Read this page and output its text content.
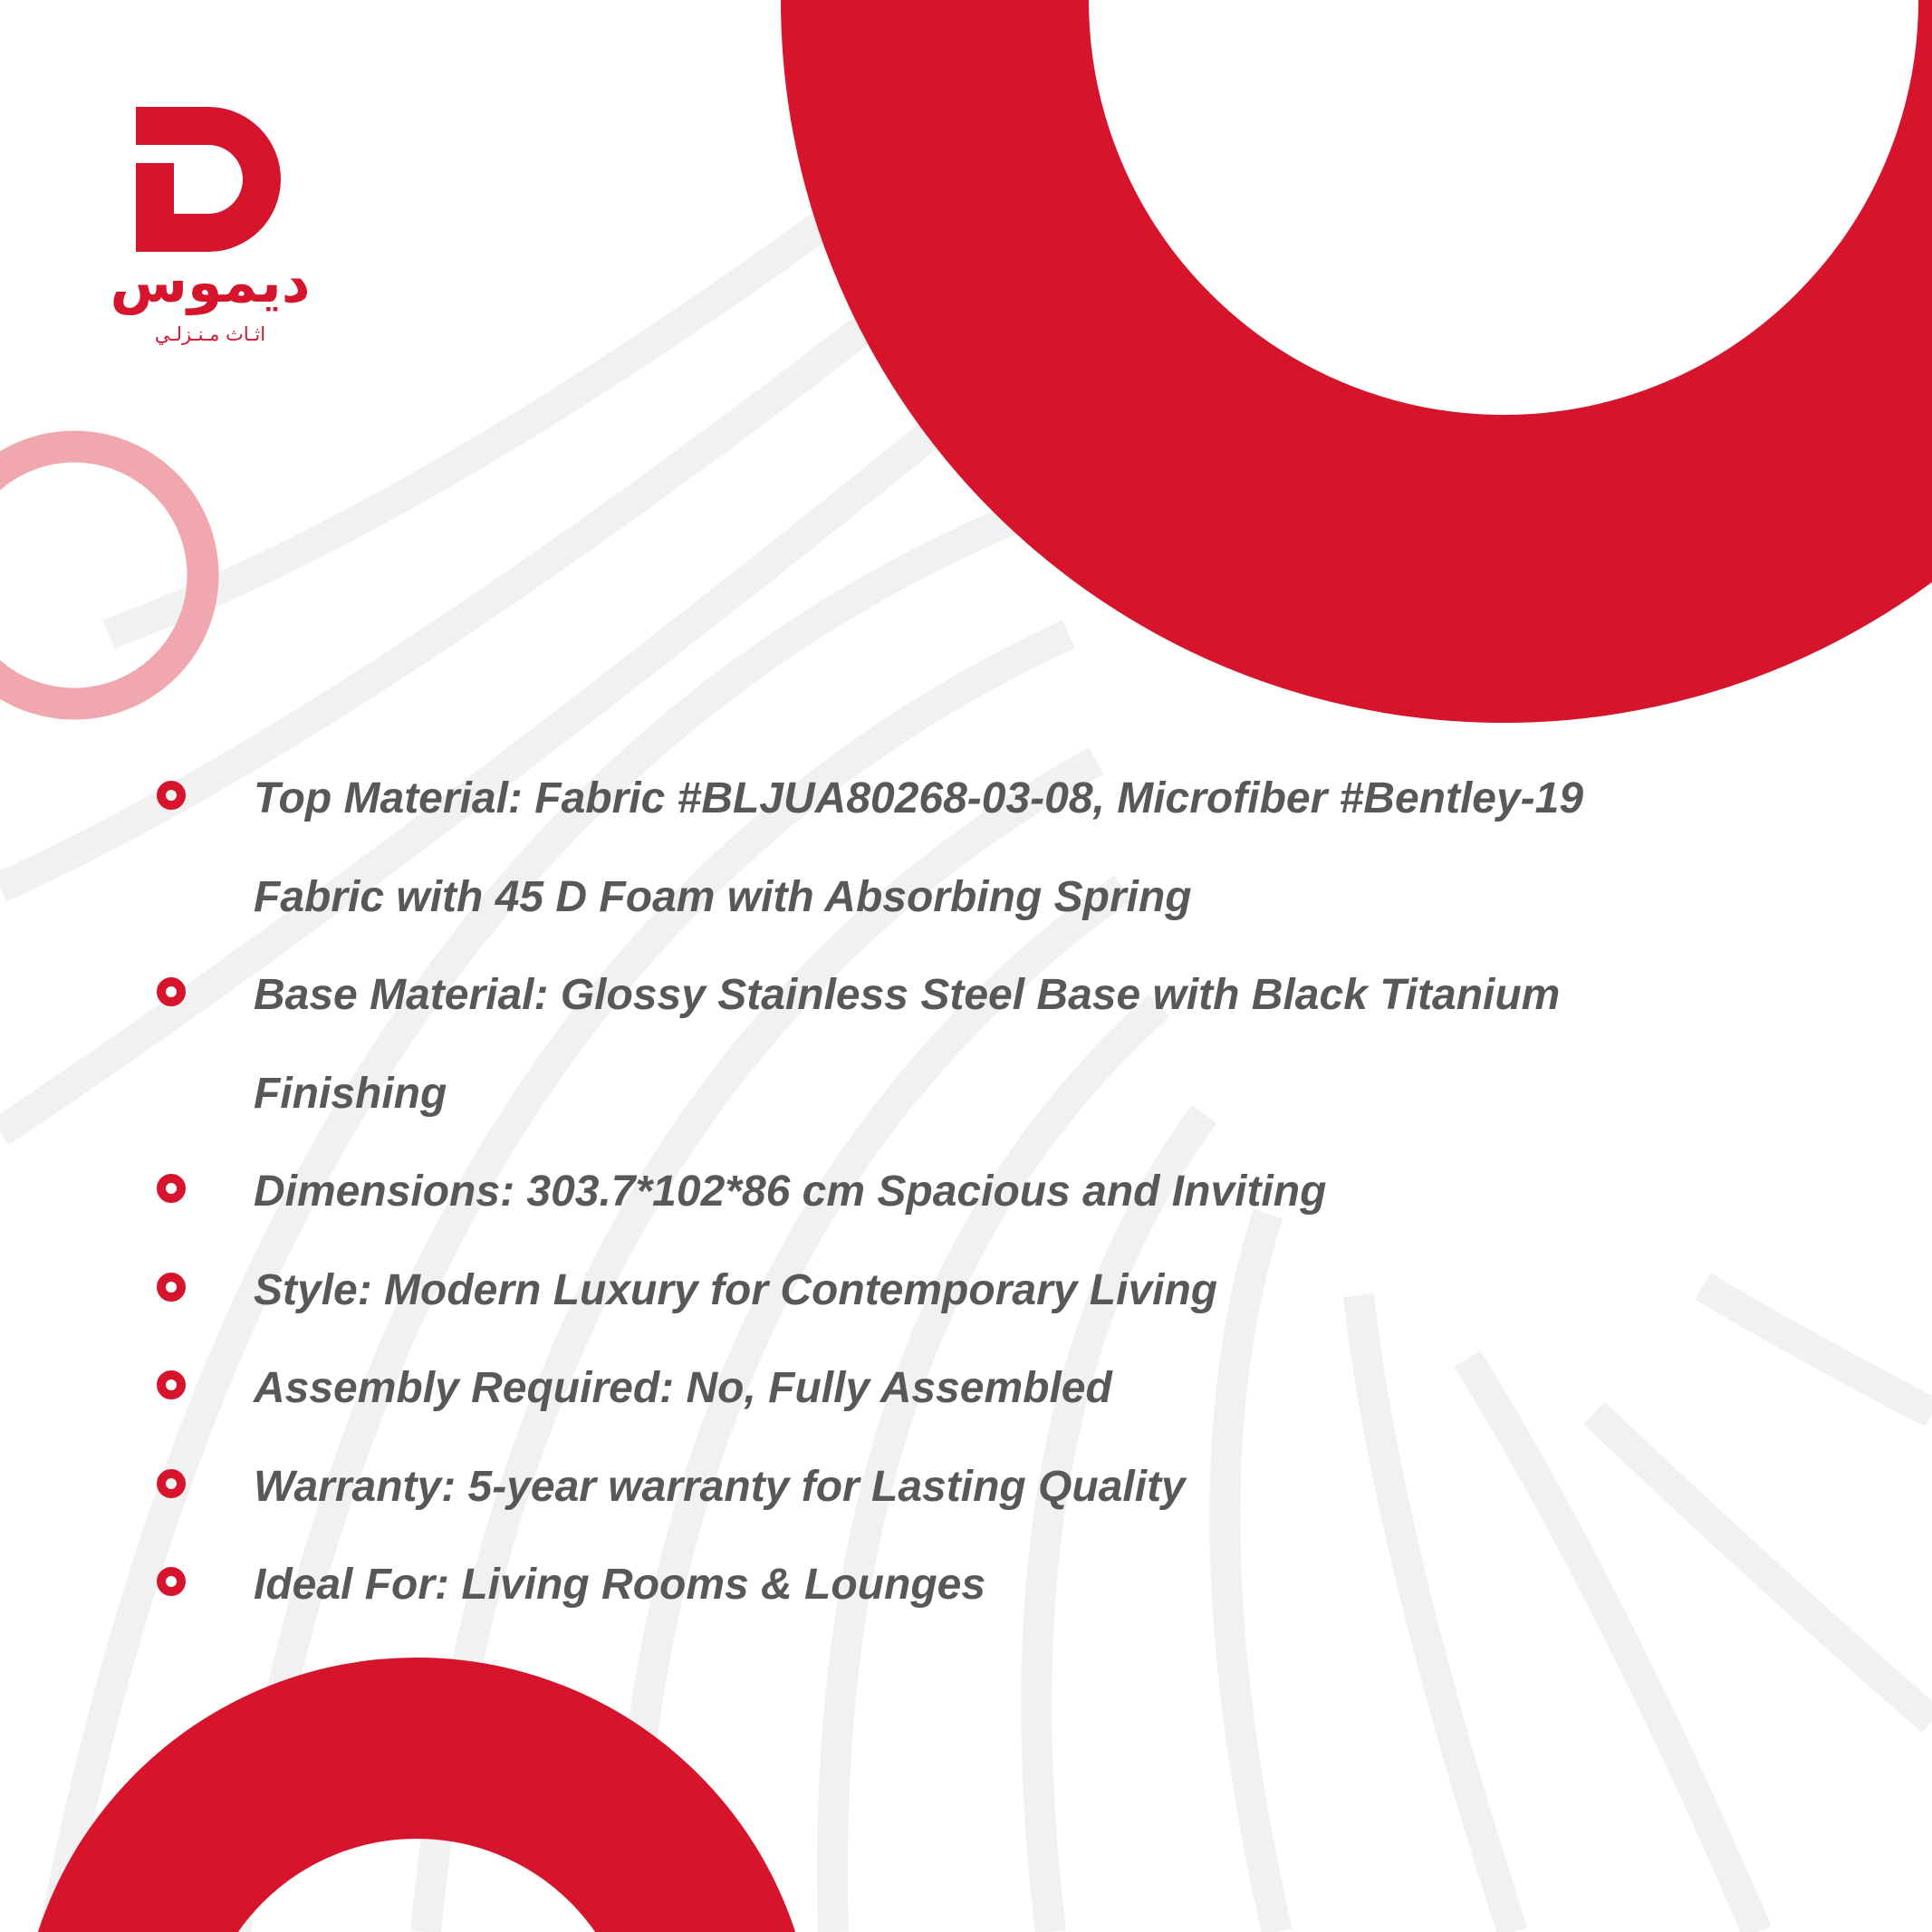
ديموس
اثـاث مـنـزلـي
Top Material: Fabric #BLJUA80268-03-08, Microfiber #Bentley-19
Fabric with 45 D Foam with Absorbing Spring
Base Material: Glossy Stainless Steel Base with Black Titanium
Finishing
Dimensions: 303.7*102*86 cm Spacious and Inviting
Style: Modern Luxury for Contemporary Living
Assembly Required: No, Fully Assembled
Warranty: 5-year warranty for Lasting Quality
Ideal For: Living Rooms & Lounges
